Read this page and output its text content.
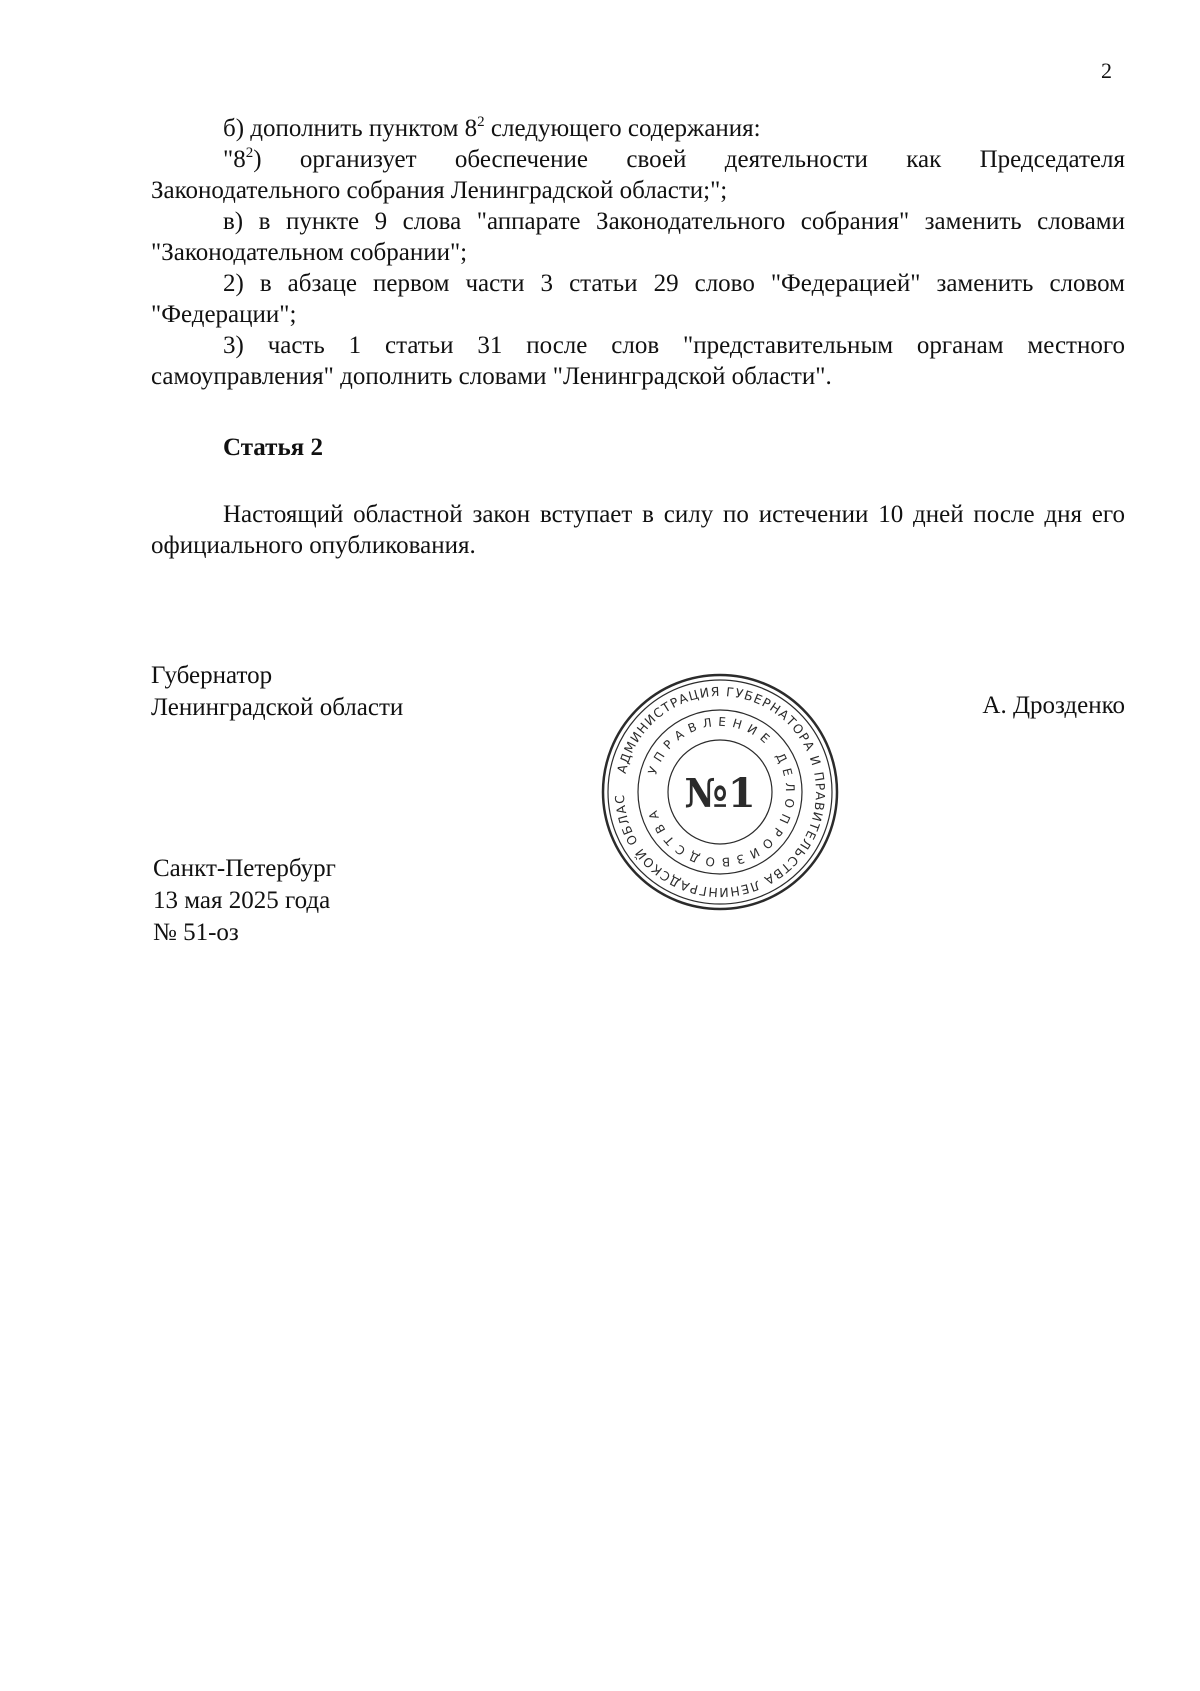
2

б) дополнить пунктом $8^2$ следующего содержания:

"$8^2$) организует обеспечение своей деятельности как Председателя Законодательного собрания Ленинградской области;";

в) в пункте 9 слова "аппарате Законодательного собрания" заменить словами "Законодательном собрании";

2) в абзаце первом части 3 статьи 29 слово "Федерацией" заменить словом "Федерации";

3) часть 1 статьи 31 после слов "представительным органам местного самоуправления" дополнить словами "Ленинградской области".

Статья 2

Настоящий областной закон вступает в силу по истечении 10 дней после дня его официального опубликования.

Губернатор
Ленинградской области	А. Дрозденко
АДМИНИСТРАЦИЯ ГУБЕРНАТОРА И ПРАВИТЕЛЬСТВА ЛЕНИНГРАДСКОЙ ОБЛАС
УПРАВЛЕНИЕ ДЕЛОПРОИЗВОДСТВА №1
Санкт-Петербург
13 мая 2025 года
№ 51-оз
